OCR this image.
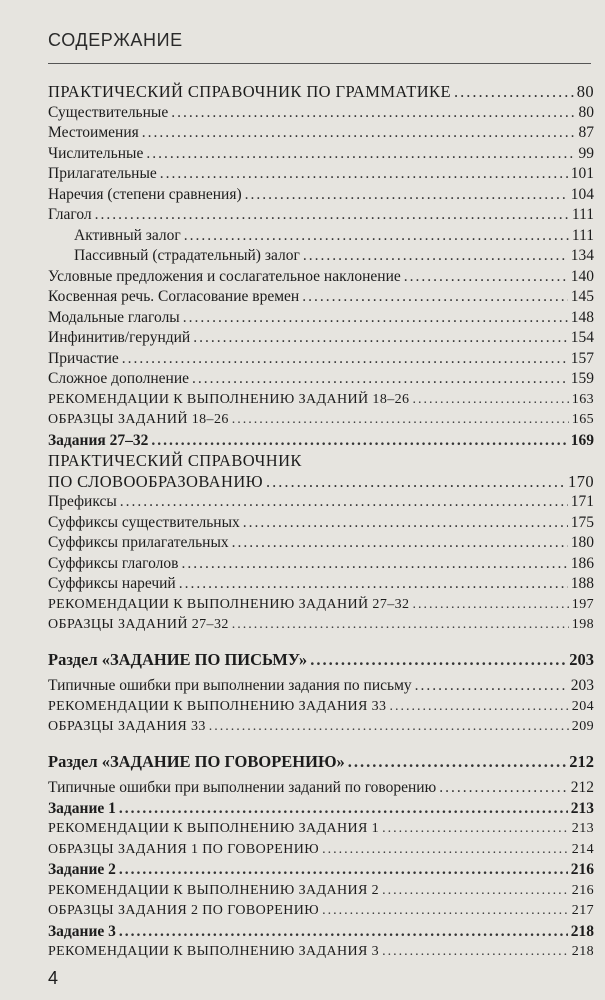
СОДЕРЖАНИЕ
ПРАКТИЧЕСКИЙ СПРАВОЧНИК ПО ГРАММАТИКЕ .....	80
Существительные .....	80
Местоимения .....	87
Числительные .....	99
Прилагательные .....	101
Наречия (степени сравнения) .....	104
Глагол .....	111
Активный залог .....	111
Пассивный (страдательный) залог .....	134
Условные предложения и сослагательное наклонение .....	140
Косвенная речь. Согласование времен .....	145
Модальные глаголы .....	148
Инфинитив/герундий .....	154
Причастие .....	157
Сложное дополнение .....	159
РЕКОМЕНДАЦИИ К ВЫПОЛНЕНИЮ ЗАДАНИЙ 18–26 .....	163
ОБРАЗЦЫ ЗАДАНИЙ 18–26 .....	165
Задания 27–32 .....	169
ПРАКТИЧЕСКИЙ СПРАВОЧНИК
ПО СЛОВООБРАЗОВАНИЮ .....	170
Префиксы .....	171
Суффиксы существительных .....	175
Суффиксы прилагательных .....	180
Суффиксы глаголов .....	186
Суффиксы наречий .....	188
РЕКОМЕНДАЦИИ К ВЫПОЛНЕНИЮ ЗАДАНИЙ 27–32 .....	197
ОБРАЗЦЫ ЗАДАНИЙ 27–32 .....	198
Раздел «ЗАДАНИЕ ПО ПИСЬМУ» .....	203
Типичные ошибки при выполнении задания по письму .....	203
РЕКОМЕНДАЦИИ К ВЫПОЛНЕНИЮ ЗАДАНИЯ 33 .....	204
ОБРАЗЦЫ ЗАДАНИЯ 33 .....	209
Раздел «ЗАДАНИЕ ПО ГОВОРЕНИЮ» .....	212
Типичные ошибки при выполнении заданий по говорению .....	212
Задание 1 .....	213
РЕКОМЕНДАЦИИ К ВЫПОЛНЕНИЮ ЗАДАНИЯ 1 .....	213
ОБРАЗЦЫ ЗАДАНИЯ 1 ПО ГОВОРЕНИЮ .....	214
Задание 2 .....	216
РЕКОМЕНДАЦИИ К ВЫПОЛНЕНИЮ ЗАДАНИЯ 2 .....	216
ОБРАЗЦЫ ЗАДАНИЯ 2 ПО ГОВОРЕНИЮ .....	217
Задание 3 .....	218
РЕКОМЕНДАЦИИ К ВЫПОЛНЕНИЮ ЗАДАНИЯ 3 .....	218
4
